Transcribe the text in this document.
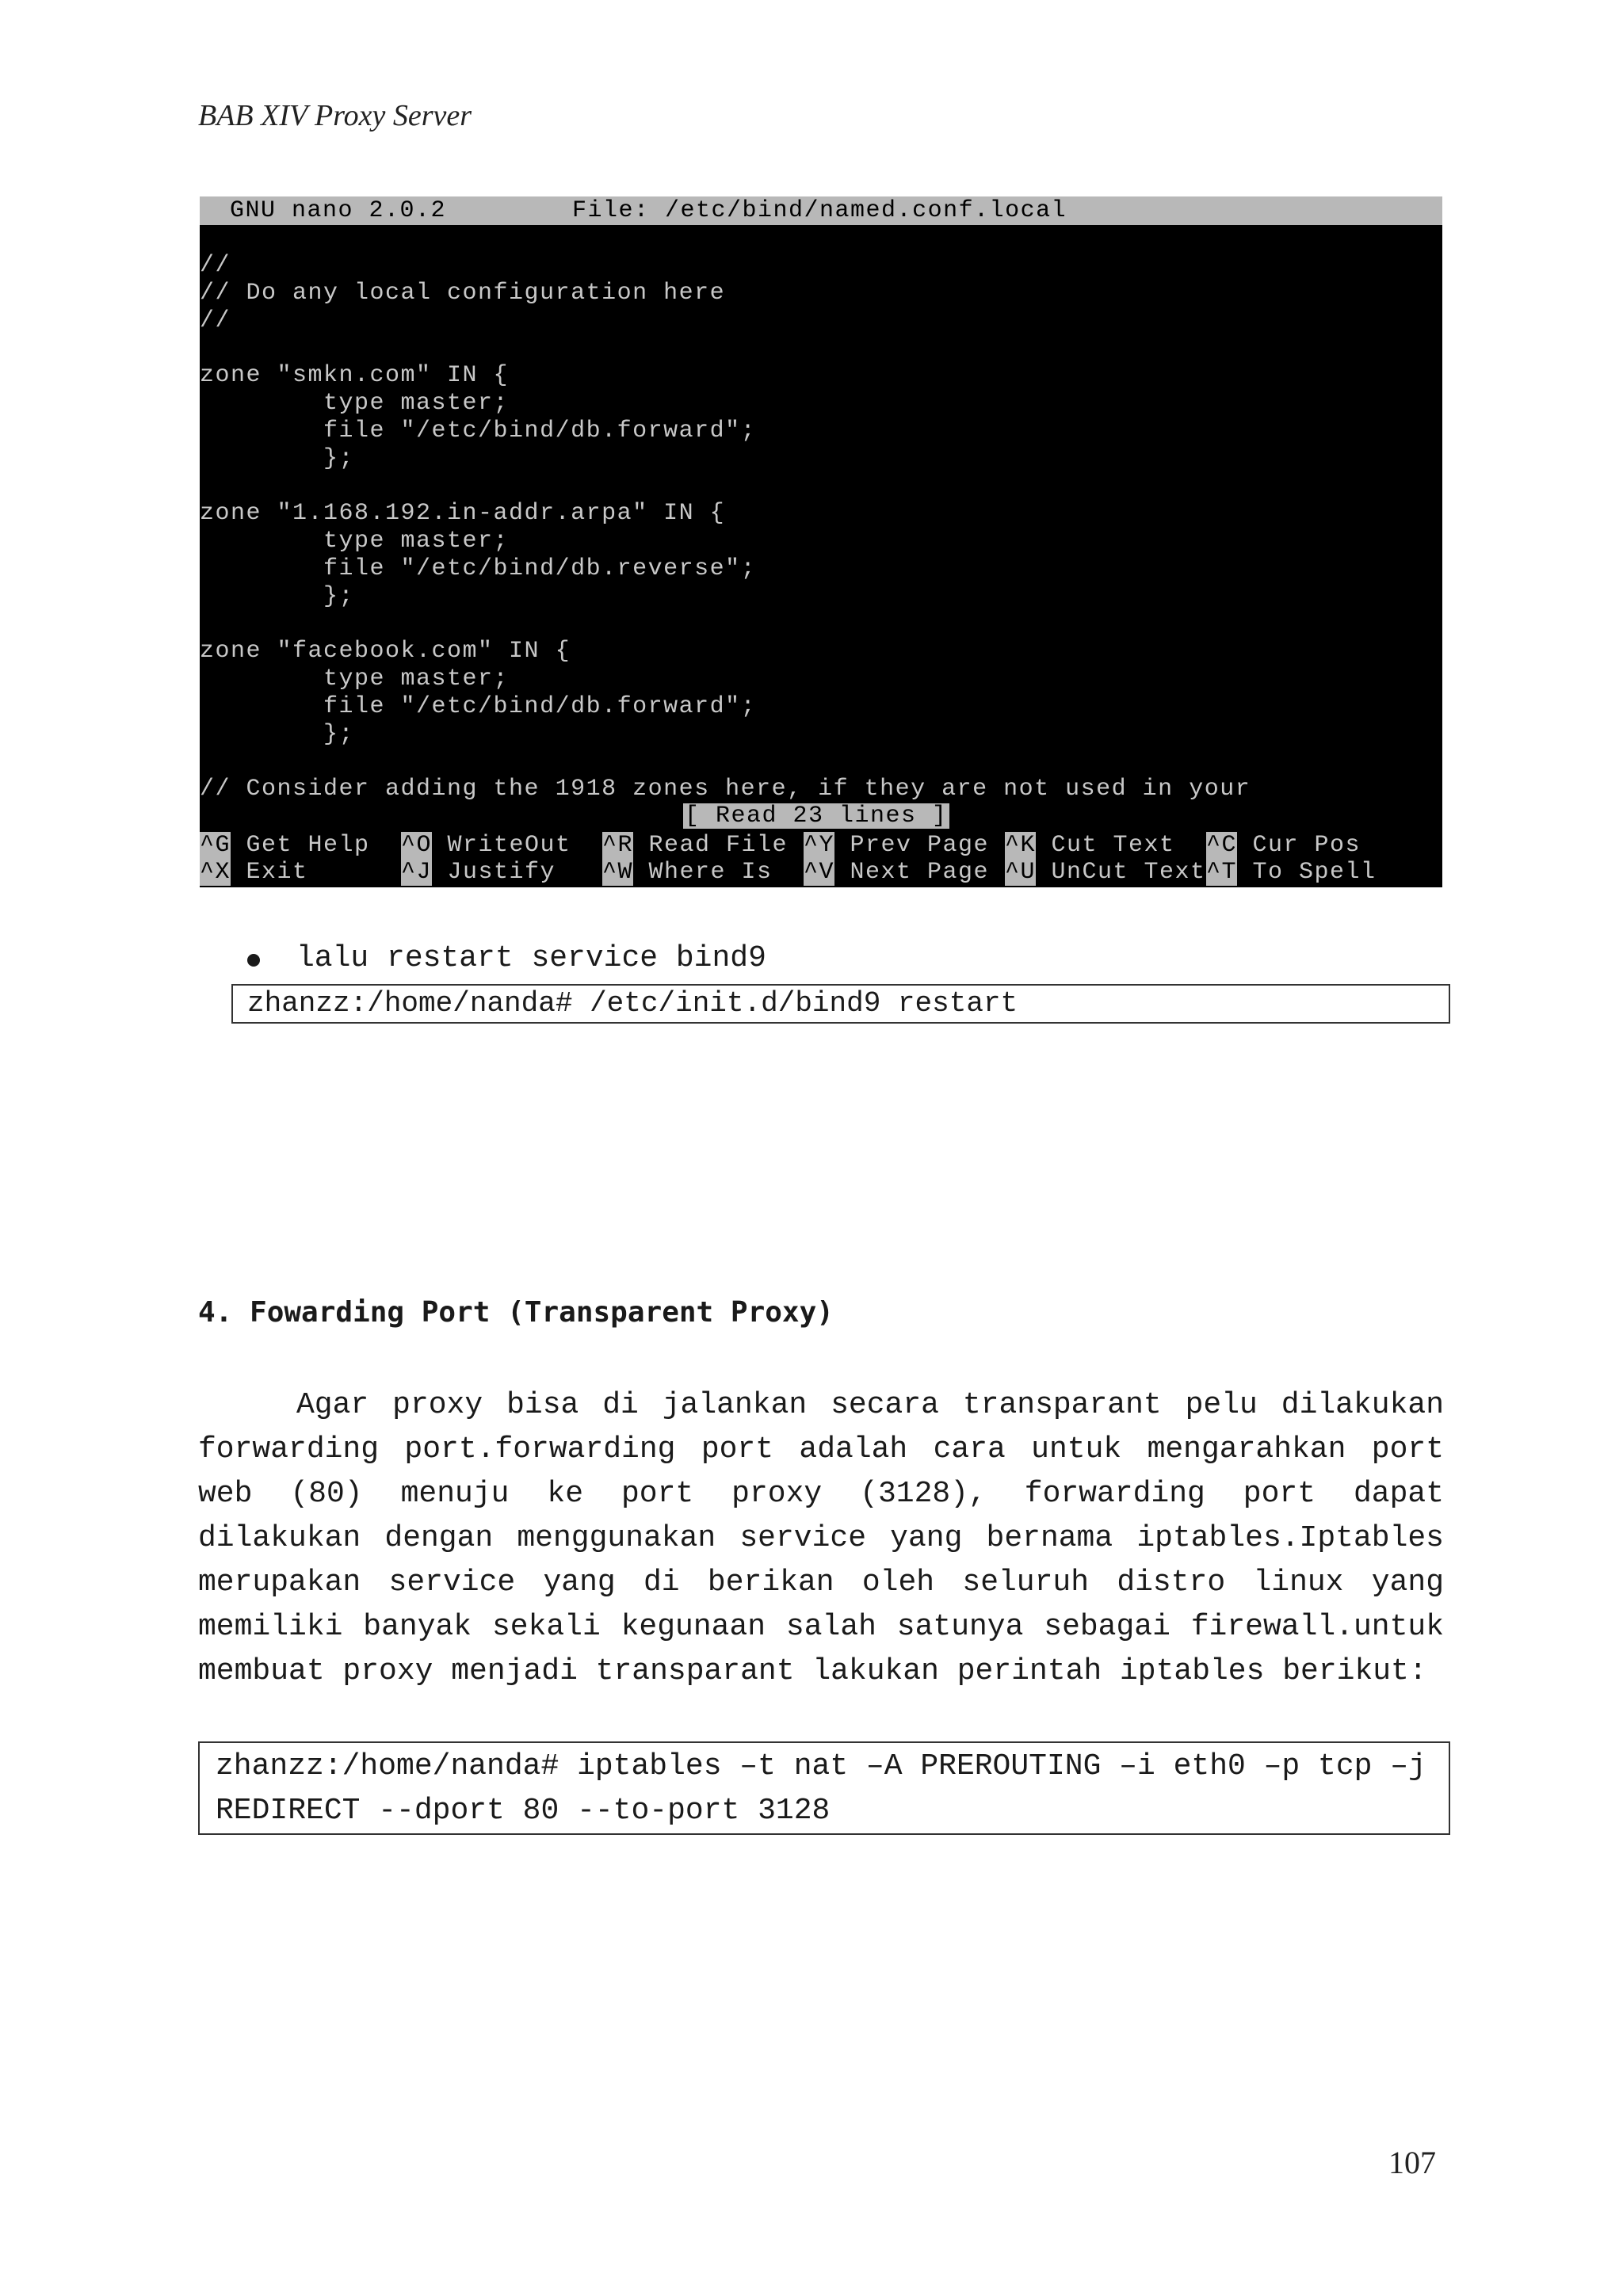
BAB XIV Proxy Server

GNU nano 2.0.2

	File: /etc/bind/named.conf.local

//
// Do any local configuration here
//
zone "smkn.com" IN {
type master;
file "/etc/bind/db.forward";
};
zone "1.168.192.in-addr.arpa" IN {
type master;
file "/etc/bind/db.reverse";
};
zone "facebook.com" IN {
type master;
file "/etc/bind/db.forward";
};
// Consider adding the 1918 zones here, if they are not used in your
[ Read 23 lines ]
^G Get Help ^O WriteOut ^R Read File ^Y Prev Page ^K Cut Text ^C Cur Pos
^X Exit	^J Justify ^W Where Is ^V Next Page ^U UnCut Text ^T To Spell
lalu restart service bind9
zhanzz:/home/nanda# /etc/init.d/bind9 restart
4. Fowarding Port (Transparent Proxy)
Agar proxy bisa di jalankan secara transparant pelu dilakukan forwarding port.forwarding port adalah cara untuk mengarahkan port web (80) menuju ke port proxy (3128), forwarding port dapat dilakukan dengan menggunakan service yang bernama iptables.Iptables merupakan service yang di berikan oleh seluruh distro linux yang memiliki banyak sekali kegunaan salah satunya sebagai firewall.untuk membuat proxy menjadi transparant lakukan perintah iptables berikut:
zhanzz:/home/nanda# iptables –t nat –A PREROUTING –i eth0 –p tcp –j
REDIRECT --dport 80 --to-port 3128
107
